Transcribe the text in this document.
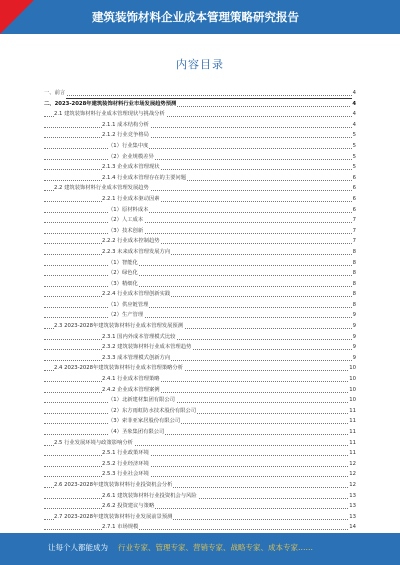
建筑装饰材料企业成本管理策略研究报告
内容目录
一、前言	4
二、2023-2028年建筑装饰材料行业市场发展趋势预测	4
2.1 建筑装饰材料行业成本管理现状与挑战分析	4
2.1.1 成本结构分析	4
2.1.2 行业竞争格局	5
（1）行业集中度	5
（2）企业规模差异	5
2.1.3 企业成本管理现状	5
2.1.4 行业成本管理存在的主要问题	6
2.2 建筑装饰材料行业成本管理发展趋势	6
2.2.1 行业成本驱动因素	6
（1）原材料成本	6
（2）人工成本	7
（3）技术创新	7
2.2.2 行业成本控制趋势	7
2.2.3 未来成本管理发展方向	8
（1）智能化	8
（2）绿色化	8
（3）精细化	8
2.2.4 行业成本管理创新实践	8
（1）供应链管理	8
（2）生产管理	9
2.3 2023-2028年建筑装饰材料行业成本管理发展预测	9
2.3.1 国内外成本管理模式比较	9
2.3.2 建筑装饰材料行业成本管理趋势	9
2.3.3 成本管理模式创新方向	9
2.4 2023-2028年建筑装饰材料行业成本管理策略分析	10
2.4.1 行业成本管理策略	10
2.4.2 企业成本管理案例	10
（1）北新建材集团有限公司	10
（2）东方雨虹防水技术股份有限公司	11
（3）索菲亚家居股份有限公司	11
（4）圣象集团有限公司	11
2.5 行业发展环境与政策影响分析	11
2.5.1 行业政策环境	11
2.5.2 行业经济环境	12
2.5.3 行业社会环境	12
2.6 2023-2028年建筑装饰材料行业投资机会分析	12
2.6.1 建筑装饰材料行业投资机会与风险	13
2.6.2 投资建议与策略	13
2.7 2023-2028年建筑装饰材料行业发展前景预测	13
2.7.1 市场规模	14
让每个人都能成为 行业专家、管理专家、营销专家、战略专家、成本专家……
